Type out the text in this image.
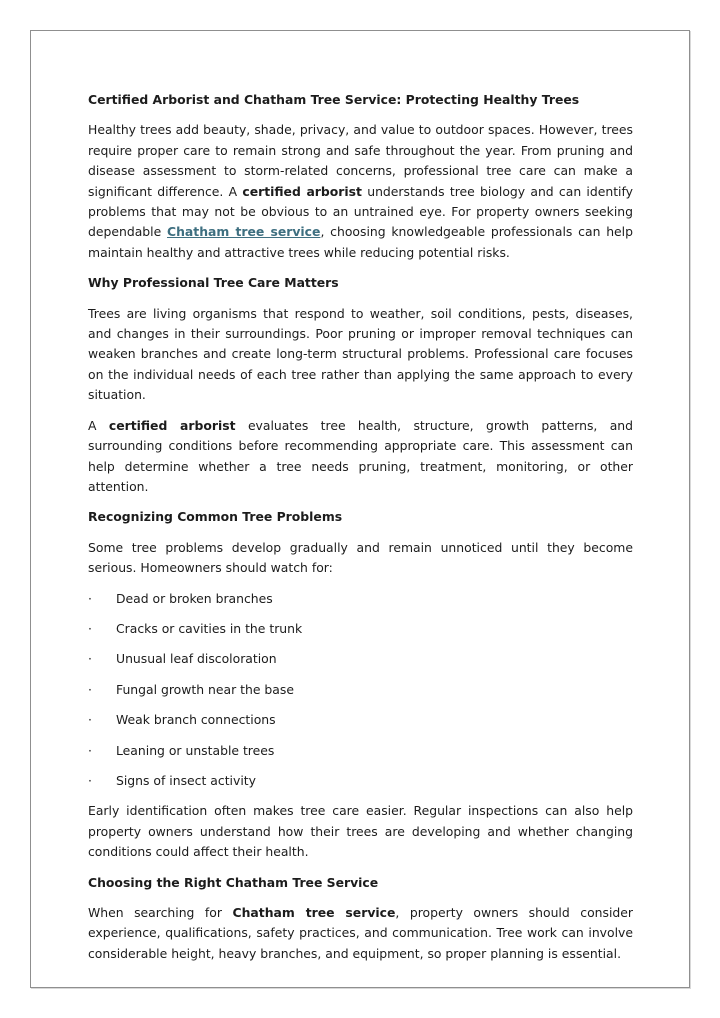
Certified Arborist and Chatham Tree Service: Protecting Healthy Trees

Healthy trees add beauty, shade, privacy, and value to outdoor spaces. However, trees require proper care to remain strong and safe throughout the year. From pruning and disease assessment to storm-related concerns, professional tree care can make a significant difference. A certified arborist understands tree biology and can identify problems that may not be obvious to an untrained eye. For property owners seeking dependable Chatham tree service, choosing knowledgeable professionals can help maintain healthy and attractive trees while reducing potential risks.

Why Professional Tree Care Matters

Trees are living organisms that respond to weather, soil conditions, pests, diseases, and changes in their surroundings. Poor pruning or improper removal techniques can weaken branches and create long-term structural problems. Professional care focuses on the individual needs of each tree rather than applying the same approach to every situation.

A certified arborist evaluates tree health, structure, growth patterns, and surrounding conditions before recommending appropriate care. This assessment can help determine whether a tree needs pruning, treatment, monitoring, or other attention.

Recognizing Common Tree Problems

Some tree problems develop gradually and remain unnoticed until they become serious. Homeowners should watch for:

·	Dead or broken branches
·	Cracks or cavities in the trunk
·	Unusual leaf discoloration
·	Fungal growth near the base
·	Weak branch connections
·	Leaning or unstable trees
·	Signs of insect activity

Early identification often makes tree care easier. Regular inspections can also help property owners understand how their trees are developing and whether changing conditions could affect their health.

Choosing the Right Chatham Tree Service

When searching for Chatham tree service, property owners should consider experience, qualifications, safety practices, and communication. Tree work can involve considerable height, heavy branches, and equipment, so proper planning is essential.
